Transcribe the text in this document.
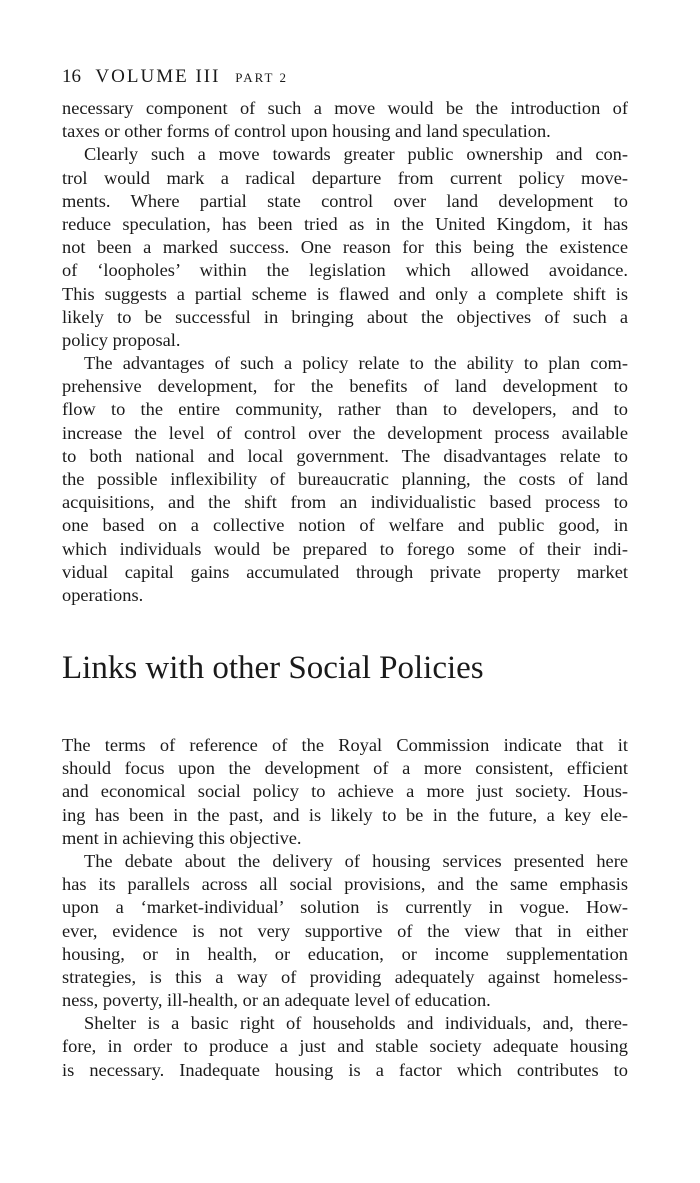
16 VOLUME III PART 2
necessary component of such a move would be the introduction of
taxes or other forms of control upon housing and land speculation.
Clearly such a move towards greater public ownership and con-
trol would mark a radical departure from current policy move-
ments. Where partial state control over land development to
reduce speculation, has been tried as in the United Kingdom, it has
not been a marked success. One reason for this being the existence
of ‘loopholes’ within the legislation which allowed avoidance.
This suggests a partial scheme is flawed and only a complete shift is
likely to be successful in bringing about the objectives of such a
policy proposal.
The advantages of such a policy relate to the ability to plan com-
prehensive development, for the benefits of land development to
flow to the entire community, rather than to developers, and to
increase the level of control over the development process available
to both national and local government. The disadvantages relate to
the possible inflexibility of bureaucratic planning, the costs of land
acquisitions, and the shift from an individualistic based process to
one based on a collective notion of welfare and public good, in
which individuals would be prepared to forego some of their indi-
vidual capital gains accumulated through private property market
operations.
Links with other Social Policies
The terms of reference of the Royal Commission indicate that it
should focus upon the development of a more consistent, efficient
and economical social policy to achieve a more just society. Hous-
ing has been in the past, and is likely to be in the future, a key ele-
ment in achieving this objective.
The debate about the delivery of housing services presented here
has its parallels across all social provisions, and the same emphasis
upon a ‘market-individual’ solution is currently in vogue. How-
ever, evidence is not very supportive of the view that in either
housing, or in health, or education, or income supplementation
strategies, is this a way of providing adequately against homeless-
ness, poverty, ill-health, or an adequate level of education.
Shelter is a basic right of households and individuals, and, there-
fore, in order to produce a just and stable society adequate housing
is necessary. Inadequate housing is a factor which contributes to
